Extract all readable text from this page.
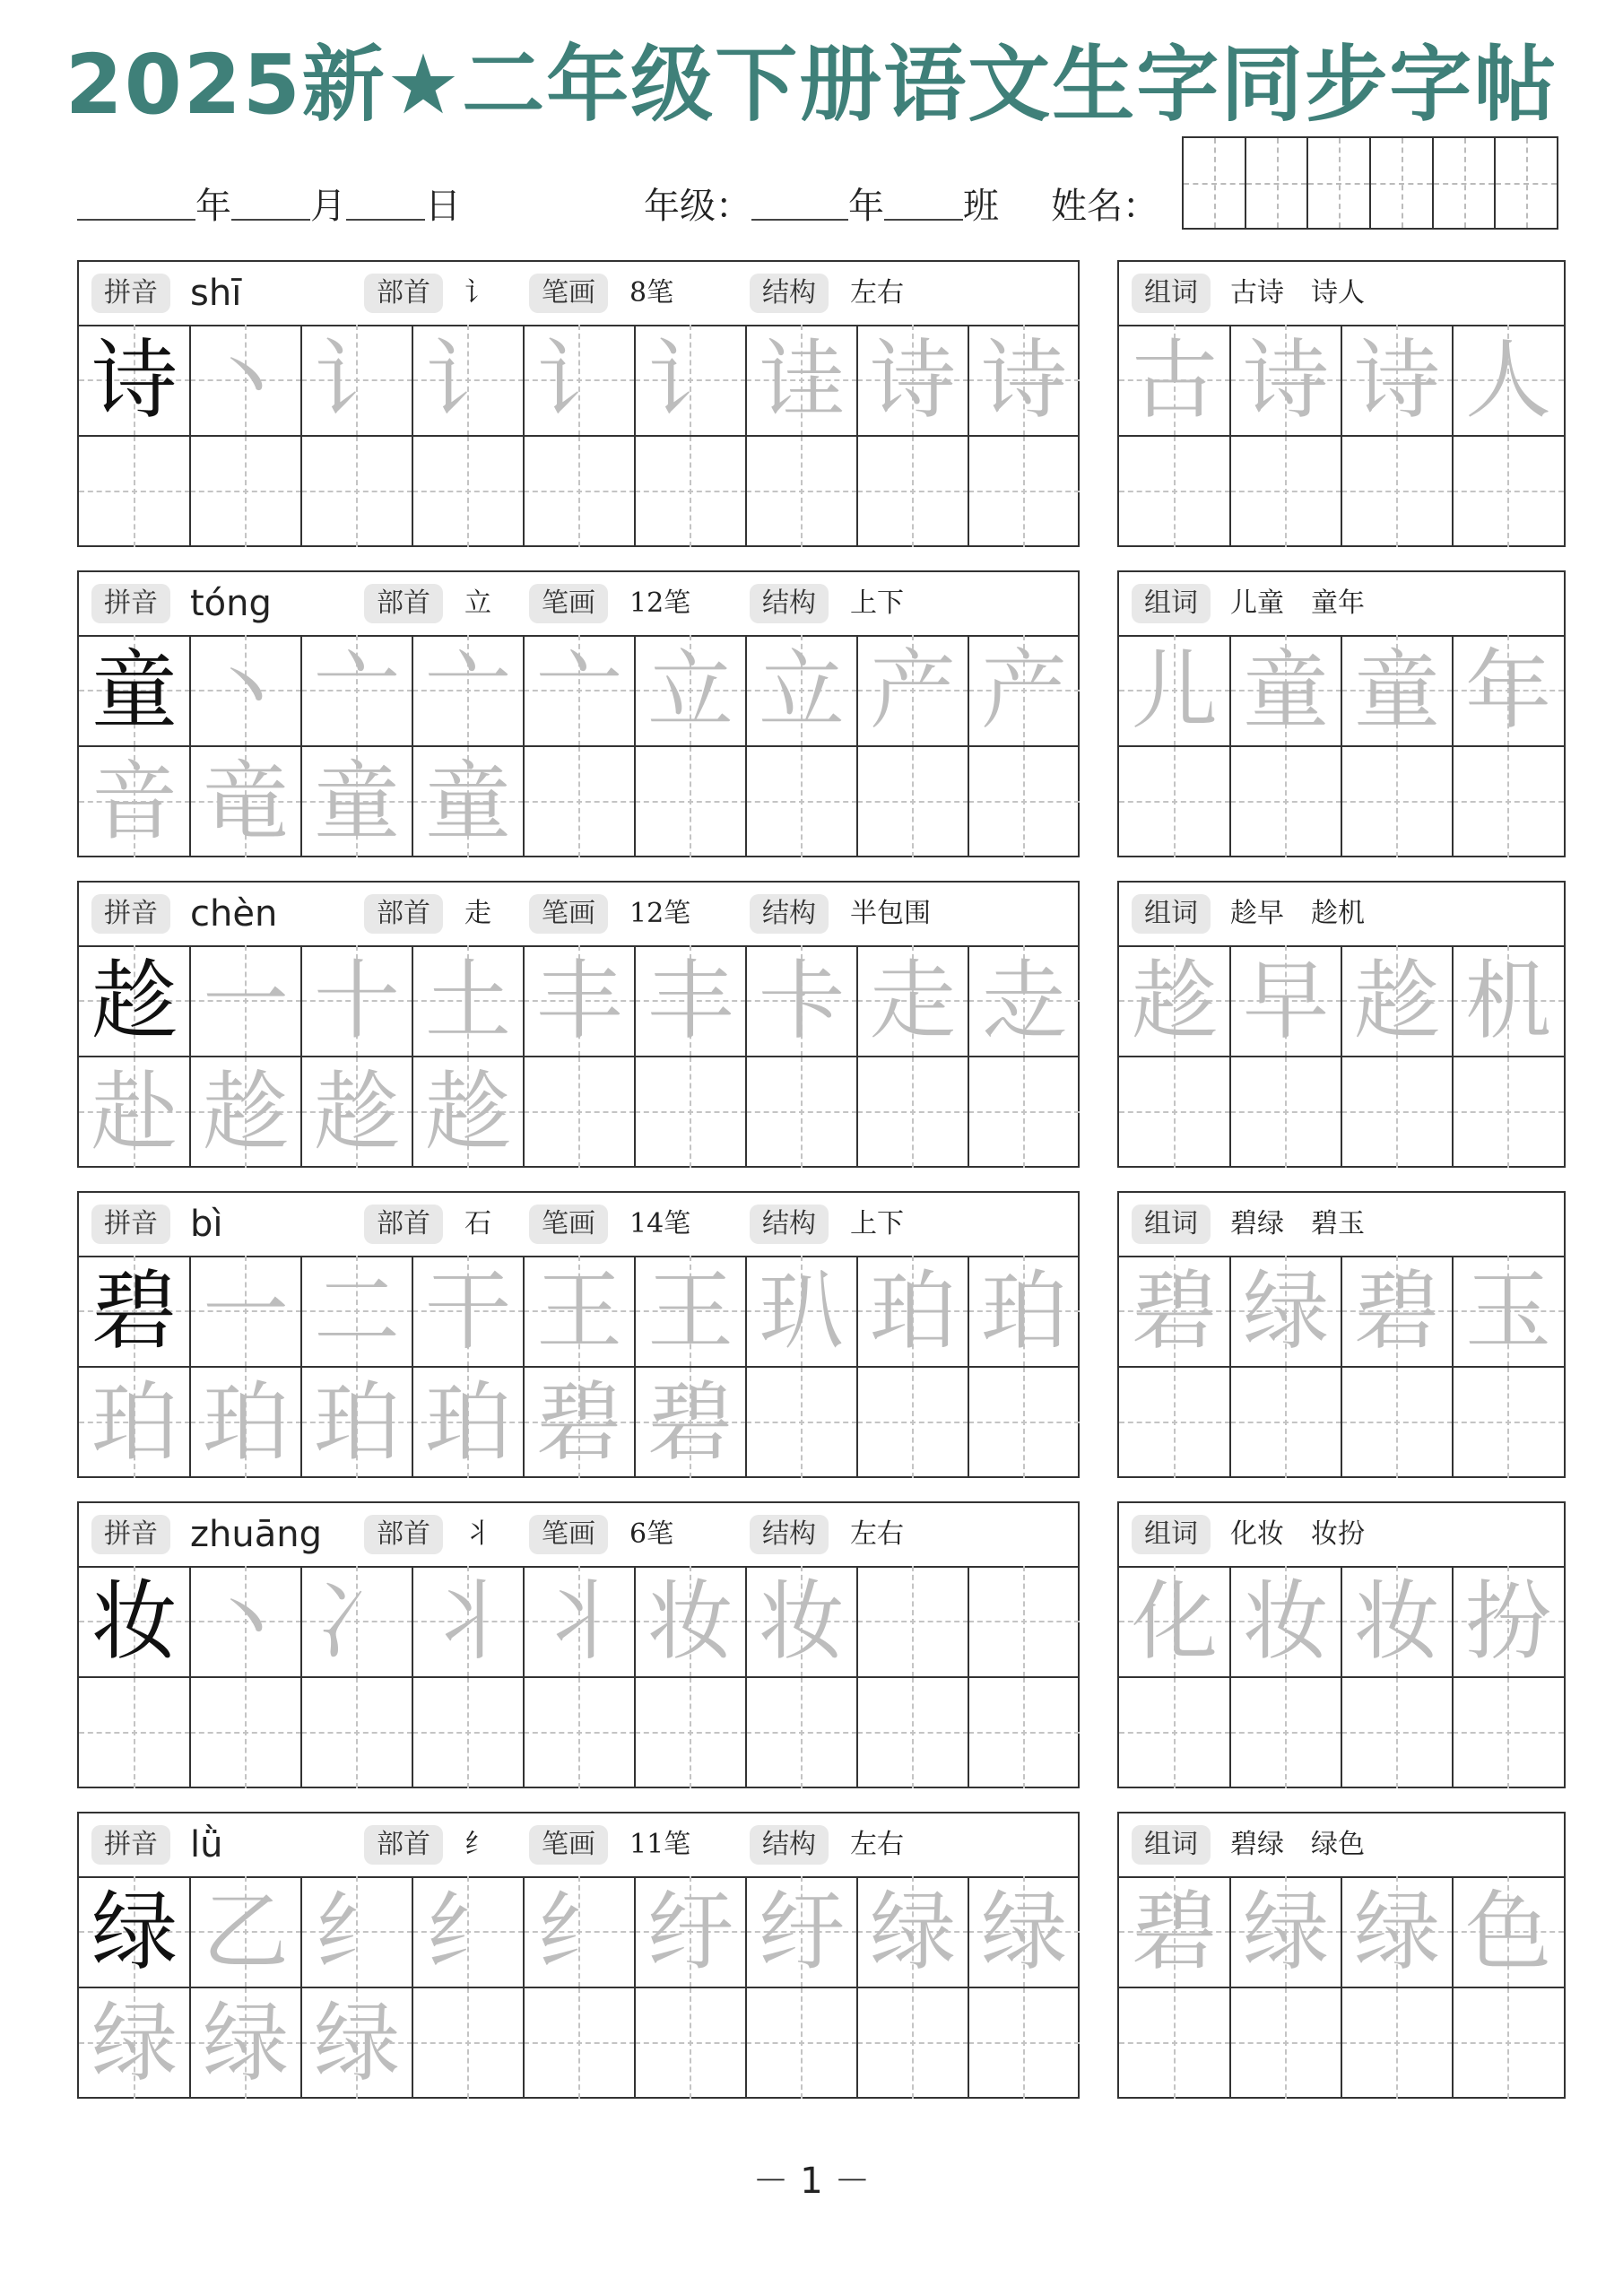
2025新★二年级下册语文生字同步字帖
年 月 日	年级：	年 班 姓名：
拼音 shī	部首	讠	笔画	8笔	结构	左右
诗 丶 讠 讠 讠 讠 诖 诗 诗
组词	古诗　诗人
古 诗 诗 人
拼音 tóng	部首	立	笔画	12笔	结构	上下
童 丶 亠 亠 亠 立 立 产 产
音 竜 童 童
组词	儿童　童年
儿 童 童 年
拼音 chèn	部首	走	笔画	12笔	结构	半包围
趁 一 十 土 丰 丰 卡 走 赱
赴 趁 趁 趁
组词	趁早　趁机
趁 早 趁 机
拼音 bì	部首	石	笔画	14笔	结构	上下
碧 一 二 干 王 王 玐 珀 珀
珀 珀 珀 珀 碧 碧
组词	碧绿　碧玉
碧 绿 碧 玉
拼音 zhuāng	部首	丬	笔画	6笔	结构	左右
妆 丶 冫 丬 丬 妆 妆
组词	化妆　妆扮
化 妆 妆 扮
拼音 lǜ	部首	纟	笔画	11笔	结构	左右
绿 乙 纟 纟 纟 纡 纡 绿 绿
绿 绿 绿
组词	碧绿　绿色
碧 绿 绿 色
－ 1 －
